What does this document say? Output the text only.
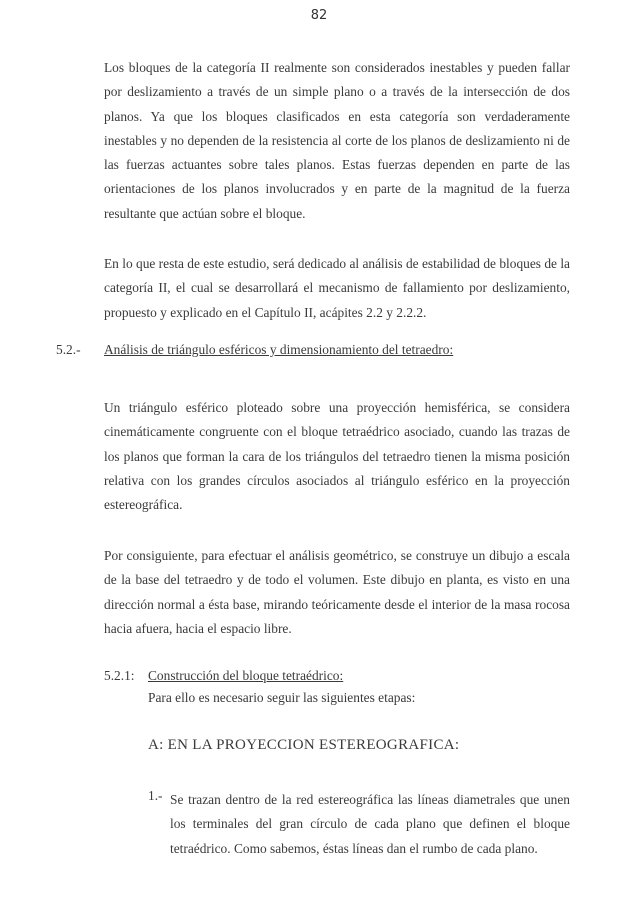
82

Los bloques de la categoría II realmente son considerados inestables y pueden fallar por deslizamiento a través de un simple plano o a través de la intersección de dos planos. Ya que los bloques clasificados en esta categoría son verdaderamente inestables y no dependen de la resistencia al corte de los planos de deslizamiento ni de las fuerzas actuantes sobre tales planos. Estas fuerzas dependen en parte de las orientaciones de los planos involucrados y en parte de la magnitud de la fuerza resultante que actúan sobre el bloque.

En lo que resta de este estudio, será dedicado al análisis de estabilidad de bloques de la categoría II, el cual se desarrollará el mecanismo de fallamiento por deslizamiento, propuesto y explicado en el Capítulo II, acápites 2.2 y 2.2.2.

5.2.- Análisis de triángulo esféricos y dimensionamiento del tetraedro:

Un triángulo esférico ploteado sobre una proyección hemisférica, se considera cinemáticamente congruente con el bloque tetraédrico asociado, cuando las trazas de los planos que forman la cara de los triángulos del tetraedro tienen la misma posición relativa con los grandes círculos asociados al triángulo esférico en la proyección estereográfica.

Por consiguiente, para efectuar el análisis geométrico, se construye un dibujo a escala de la base del tetraedro y de todo el volumen. Este dibujo en planta, es visto en una dirección normal a ésta base, mirando teóricamente desde el interior de la masa rocosa hacia afuera, hacia el espacio libre.

5.2.1: Construcción del bloque tetraédrico:
Para ello es necesario seguir las siguientes etapas:
A: EN LA PROYECCION ESTEREOGRAFICA:
1.- Se trazan dentro de la red estereográfica las líneas diametrales que unen los terminales del gran círculo de cada plano que definen el bloque tetraédrico. Como sabemos, éstas líneas dan el rumbo de cada plano.
